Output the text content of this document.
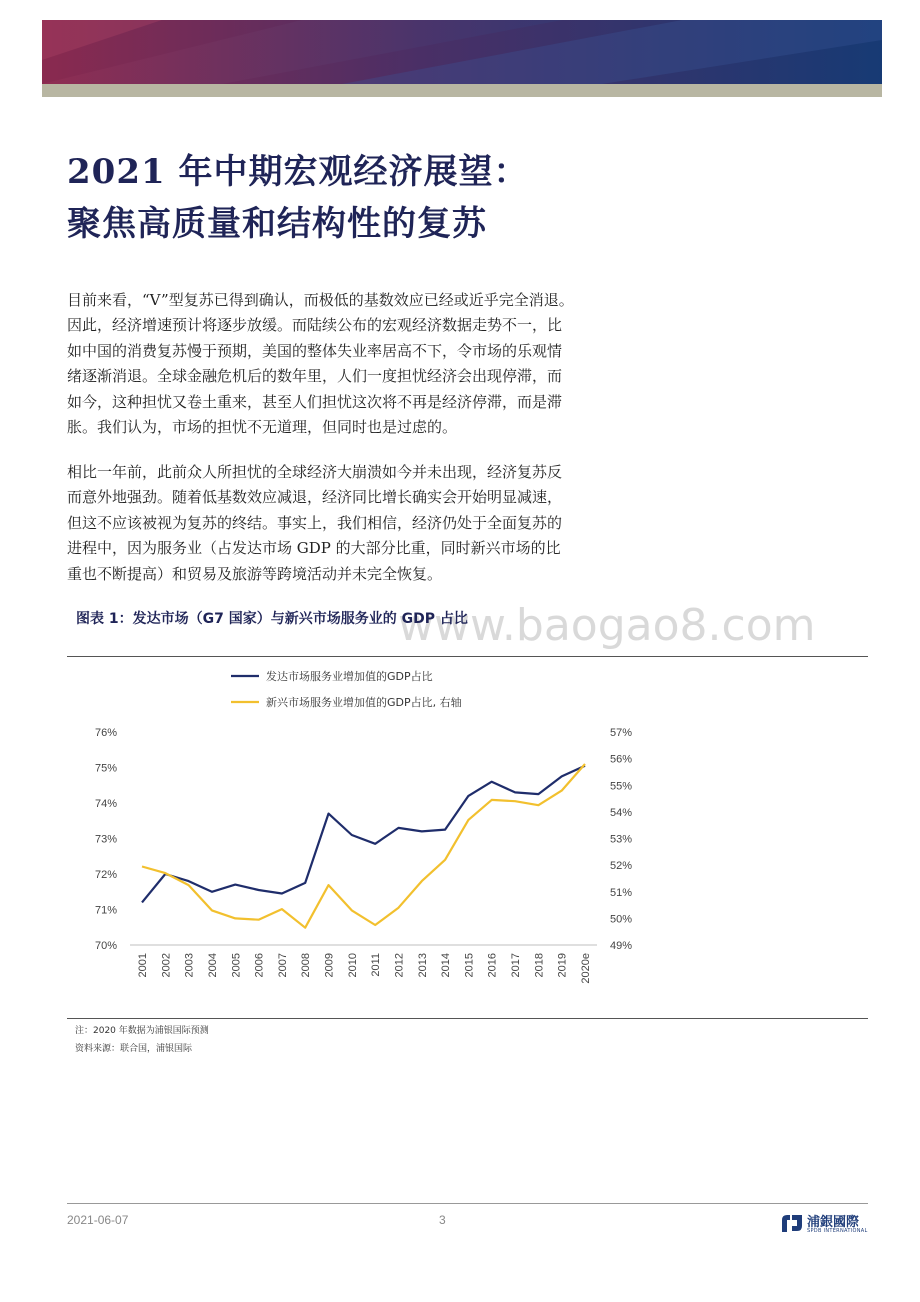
2021 年中期宏观经济展望：
聚焦高质量和结构性的复苏
目前来看，“V”型复苏已得到确认，而极低的基数效应已经或近乎完全消退。
因此，经济增速预计将逐步放缓。而陆续公布的宏观经济数据走势不一，比
如中国的消费复苏慢于预期，美国的整体失业率居高不下，令市场的乐观情
绪逐渐消退。全球金融危机后的数年里，人们一度担忧经济会出现停滞，而
如今，这种担忧又卷土重来，甚至人们担忧这次将不再是经济停滞，而是滞
胀。我们认为，市场的担忧不无道理，但同时也是过虑的。
相比一年前，此前众人所担忧的全球经济大崩溃如今并未出现，经济复苏反
而意外地强劲。随着低基数效应减退，经济同比增长确实会开始明显减速，
但这不应该被视为复苏的终结。事实上，我们相信，经济仍处于全面复苏的
进程中，因为服务业（占发达市场 GDP 的大部分比重，同时新兴市场的比
重也不断提高）和贸易及旅游等跨境活动并未完全恢复。
www.baogao8.com
图表 1：发达市场（G7 国家）与新兴市场服务业的 GDP 占比
70%
71%
72%
73%
74%
75%
76%
49%
50%
51%
52%
53%
54%
55%
56%
57%
2001 2002 2003 2004 2005 2006 2007 2008 2009 2010 2011 2012 2013 2014 2015 2016 2017 2018 2019 2020e
发达市场服务业增加值的GDP占比
新兴市场服务业增加值的GDP占比, 右轴
注：2020 年数据为浦银国际预测
资料来源：联合国，浦银国际
2021-06-07	3	浦銀國際
SPDB INTERNATIONAL
